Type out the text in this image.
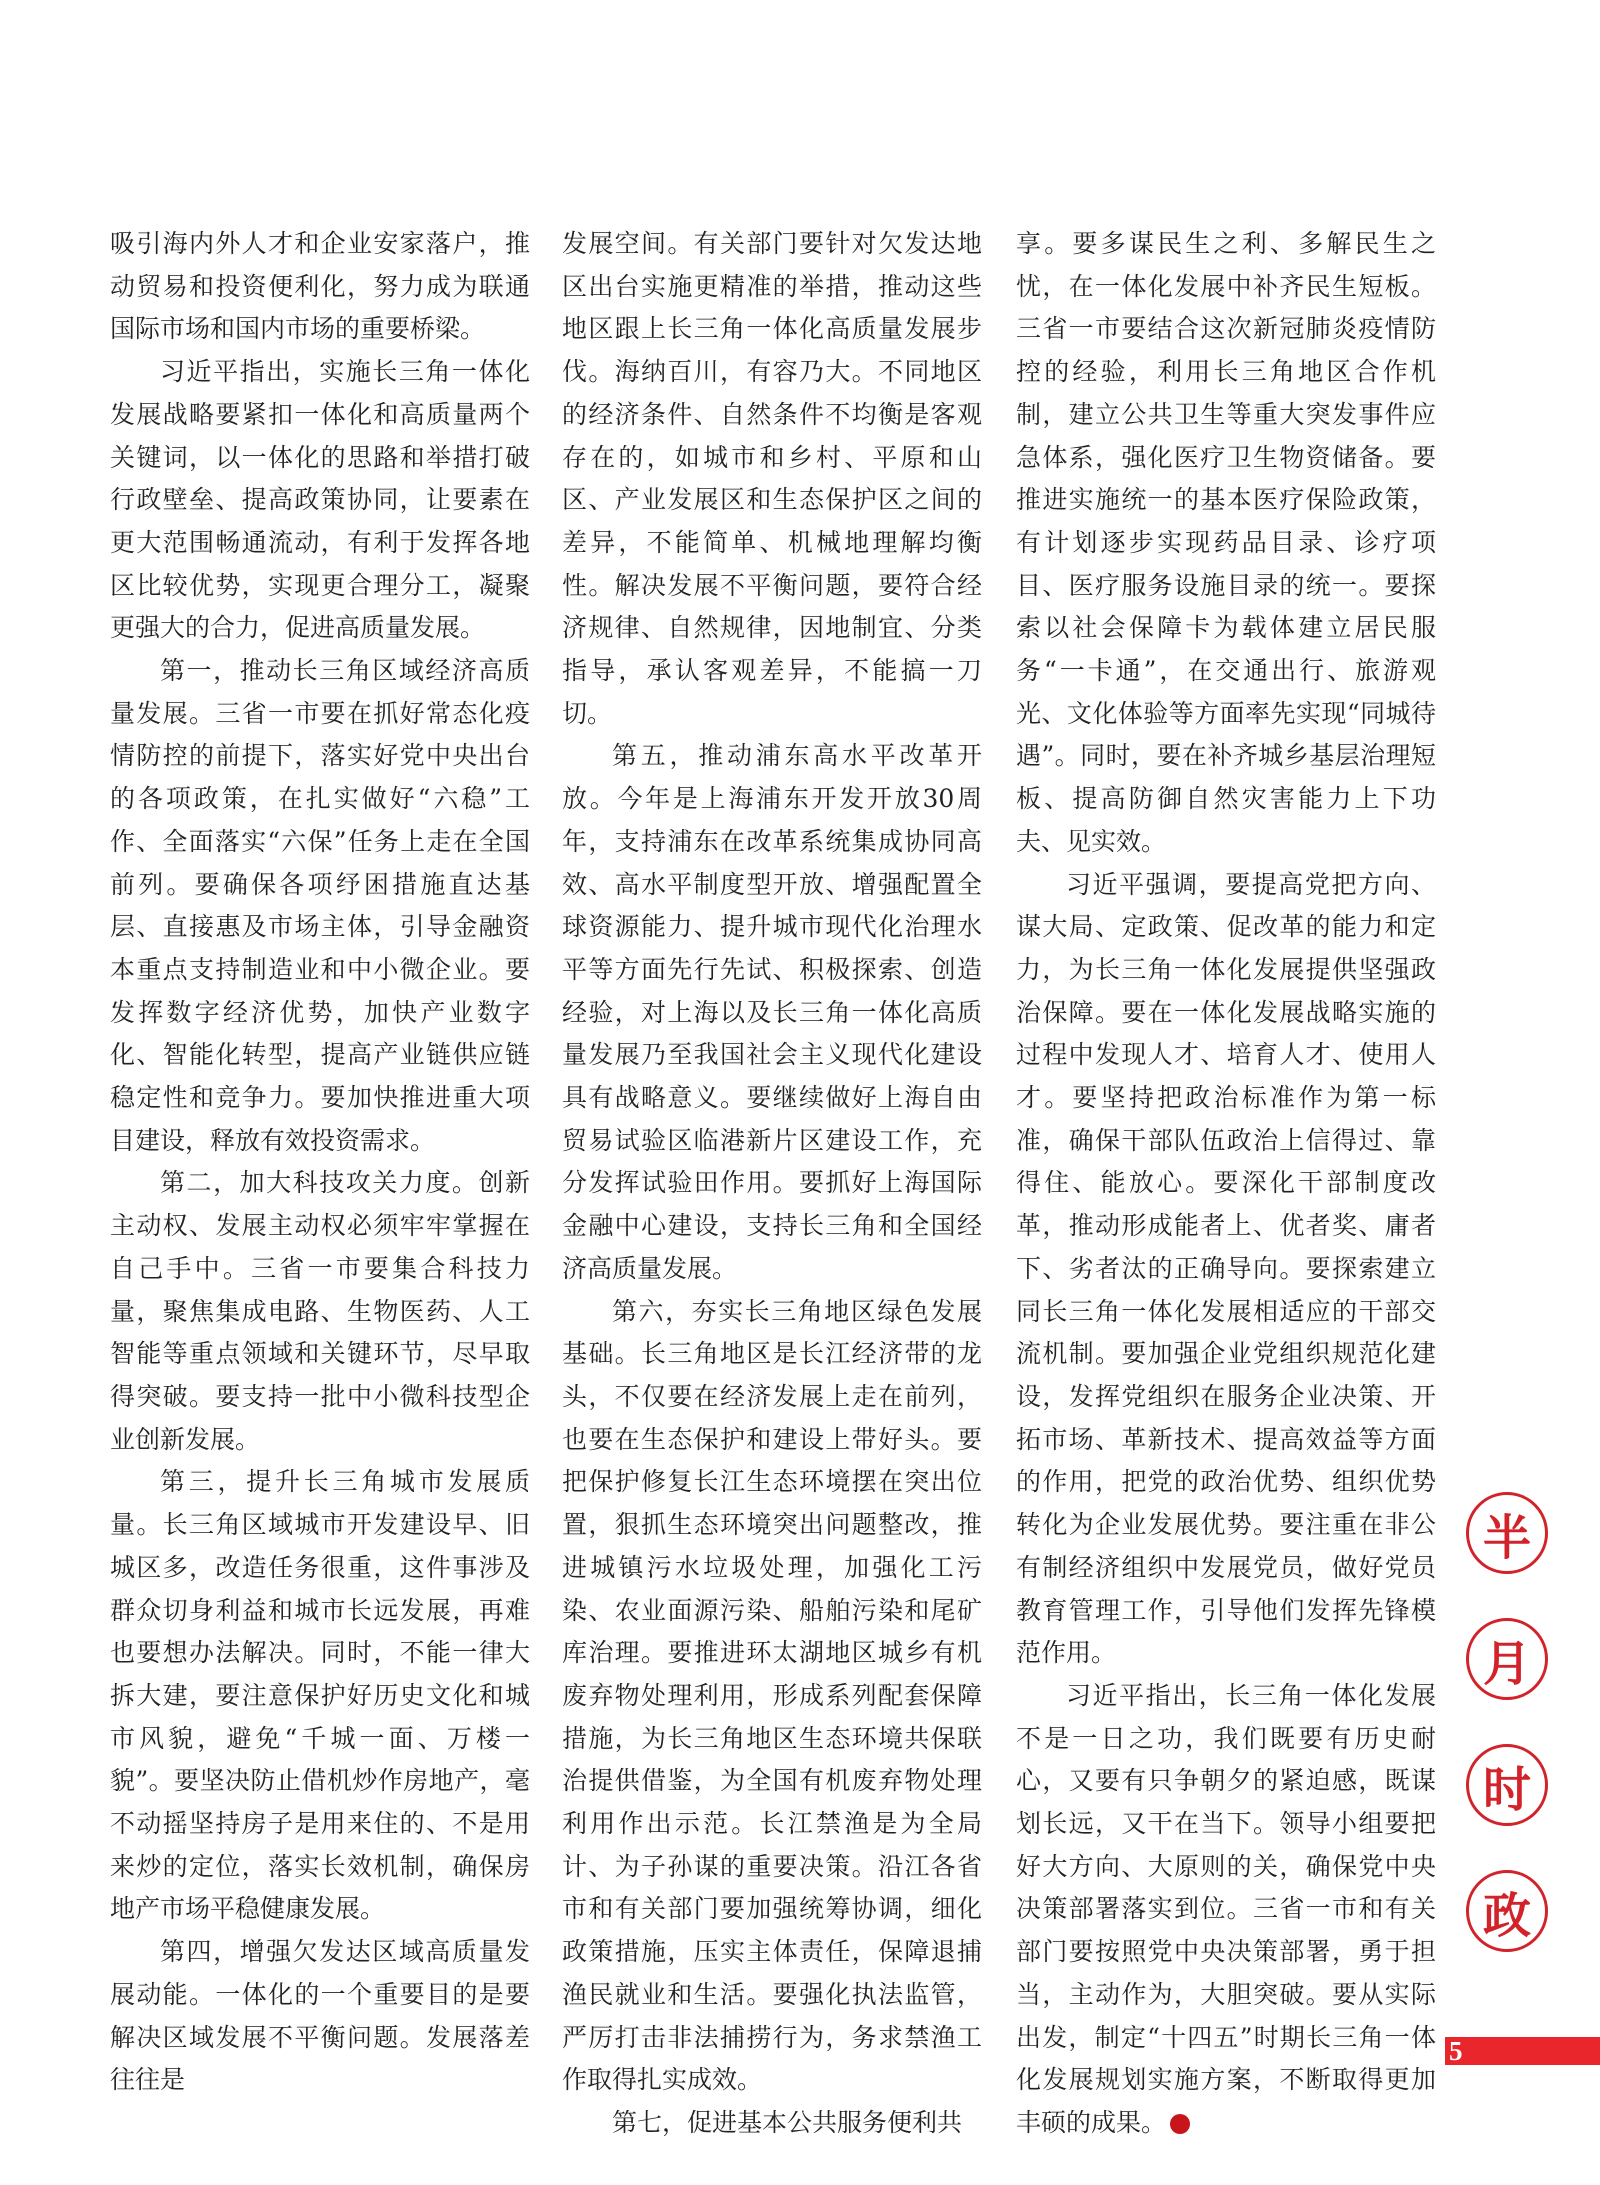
吸引海内外人才和企业安家落户，推动贸易和投资便利化，努力成为联通国际市场和国内市场的重要桥梁。

习近平指出，实施长三角一体化发展战略要紧扣一体化和高质量两个关键词，以一体化的思路和举措打破行政壁垒、提高政策协同，让要素在更大范围畅通流动，有利于发挥各地区比较优势，实现更合理分工，凝聚更强大的合力，促进高质量发展。

第一，推动长三角区域经济高质量发展。三省一市要在抓好常态化疫情防控的前提下，落实好党中央出台的各项政策，在扎实做好“六稳”工作、全面落实“六保”任务上走在全国前列。要确保各项纾困措施直达基层、直接惠及市场主体，引导金融资本重点支持制造业和中小微企业。要发挥数字经济优势，加快产业数字化、智能化转型，提高产业链供应链稳定性和竞争力。要加快推进重大项目建设，释放有效投资需求。

第二，加大科技攻关力度。创新主动权、发展主动权必须牢牢掌握在自己手中。三省一市要集合科技力量，聚焦集成电路、生物医药、人工智能等重点领域和关键环节，尽早取得突破。要支持一批中小微科技型企业创新发展。

第三，提升长三角城市发展质量。长三角区域城市开发建设早、旧城区多，改造任务很重，这件事涉及群众切身利益和城市长远发展，再难也要想办法解决。同时，不能一律大拆大建，要注意保护好历史文化和城市风貌，避免“千城一面、万楼一貌”。要坚决防止借机炒作房地产，毫不动摇坚持房子是用来住的、不是用来炒的定位，落实长效机制，确保房地产市场平稳健康发展。

第四，增强欠发达区域高质量发展动能。一体化的一个重要目的是要解决区域发展不平衡问题。发展落差往往是

发展空间。有关部门要针对欠发达地区出台实施更精准的举措，推动这些地区跟上长三角一体化高质量发展步伐。海纳百川，有容乃大。不同地区的经济条件、自然条件不均衡是客观存在的，如城市和乡村、平原和山区、产业发展区和生态保护区之间的差异，不能简单、机械地理解均衡性。解决发展不平衡问题，要符合经济规律、自然规律，因地制宜、分类指导，承认客观差异，不能搞一刀切。

第五，推动浦东高水平改革开放。今年是上海浦东开发开放30周年，支持浦东在改革系统集成协同高效、高水平制度型开放、增强配置全球资源能力、提升城市现代化治理水平等方面先行先试、积极探索、创造经验，对上海以及长三角一体化高质量发展乃至我国社会主义现代化建设具有战略意义。要继续做好上海自由贸易试验区临港新片区建设工作，充分发挥试验田作用。要抓好上海国际金融中心建设，支持长三角和全国经济高质量发展。

第六，夯实长三角地区绿色发展基础。长三角地区是长江经济带的龙头，不仅要在经济发展上走在前列，也要在生态保护和建设上带好头。要把保护修复长江生态环境摆在突出位置，狠抓生态环境突出问题整改，推进城镇污水垃圾处理，加强化工污染、农业面源污染、船舶污染和尾矿库治理。要推进环太湖地区城乡有机废弃物处理利用，形成系列配套保障措施，为长三角地区生态环境共保联治提供借鉴，为全国有机废弃物处理利用作出示范。长江禁渔是为全局计、为子孙谋的重要决策。沿江各省市和有关部门要加强统筹协调，细化政策措施，压实主体责任，保障退捕渔民就业和生活。要强化执法监管，严厉打击非法捕捞行为，务求禁渔工作取得扎实成效。

第七，促进基本公共服务便利共

享。要多谋民生之利、多解民生之忧，在一体化发展中补齐民生短板。三省一市要结合这次新冠肺炎疫情防控的经验，利用长三角地区合作机制，建立公共卫生等重大突发事件应急体系，强化医疗卫生物资储备。要推进实施统一的基本医疗保险政策，有计划逐步实现药品目录、诊疗项目、医疗服务设施目录的统一。要探索以社会保障卡为载体建立居民服务“一卡通”，在交通出行、旅游观光、文化体验等方面率先实现“同城待遇”。同时，要在补齐城乡基层治理短板、提高防御自然灾害能力上下功夫、见实效。

习近平强调，要提高党把方向、谋大局、定政策、促改革的能力和定力，为长三角一体化发展提供坚强政治保障。要在一体化发展战略实施的过程中发现人才、培育人才、使用人才。要坚持把政治标准作为第一标准，确保干部队伍政治上信得过、靠得住、能放心。要深化干部制度改革，推动形成能者上、优者奖、庸者下、劣者汰的正确导向。要探索建立同长三角一体化发展相适应的干部交流机制。要加强企业党组织规范化建设，发挥党组织在服务企业决策、开拓市场、革新技术、提高效益等方面的作用，把党的政治优势、组织优势转化为企业发展优势。要注重在非公有制经济组织中发展党员，做好党员教育管理工作，引导他们发挥先锋模范作用。

习近平指出，长三角一体化发展不是一日之功，我们既要有历史耐心，又要有只争朝夕的紧迫感，既谋划长远，又干在当下。领导小组要把好大方向、大原则的关，确保党中央决策部署落实到位。三省一市和有关部门要按照党中央决策部署，勇于担当，主动作为，大胆突破。要从实际出发，制定“十四五”时期长三角一体化发展规划实施方案，不断取得更加丰硕的成果。

半
月
时
政
5
